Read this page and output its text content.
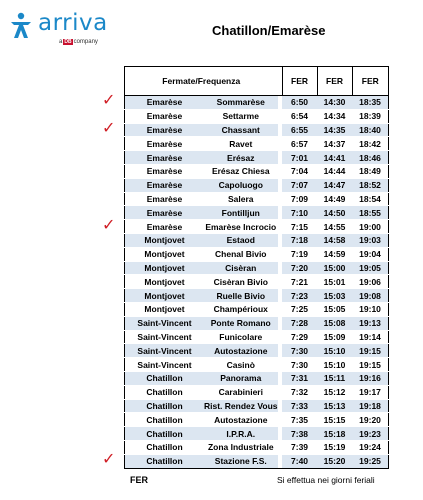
arriva
a DB company
Chatillon/Emarèse
✓
✓
✓
✓
Fermate/Frequenza			FER	FER	FER
Emarèse	Sommarèse		6:50	14:30	18:35
Emarèse	Settarme		6:54	14:34	18:39
Emarèse	Chassant		6:55	14:35	18:40
Emarèse	Ravet		6:57	14:37	18:42
Emarèse	Erésaz		7:01	14:41	18:46
Emarèse	Erésaz Chiesa		7:04	14:44	18:49
Emarèse	Capoluogo		7:07	14:47	18:52
Emarèse	Salera		7:09	14:49	18:54
Emarèse	Fontilljun		7:10	14:50	18:55
Emarèse	Emarèse Incrocio		7:15	14:55	19:00
Montjovet	Estaod		7:18	14:58	19:03
Montjovet	Chenal Bivio		7:19	14:59	19:04
Montjovet	Cisèran		7:20	15:00	19:05
Montjovet	Cisèran Bivio		7:21	15:01	19:06
Montjovet	Ruelle Bivio		7:23	15:03	19:08
Montjovet	Champérioux		7:25	15:05	19:10
Saint-Vincent	Ponte Romano		7:28	15:08	19:13
Saint-Vincent	Funicolare		7:29	15:09	19:14
Saint-Vincent	Autostazione		7:30	15:10	19:15
Saint-Vincent	Casinò		7:30	15:10	19:15
Chatillon	Panorama		7:31	15:11	19:16
Chatillon	Carabinieri		7:32	15:12	19:17
Chatillon	Rist. Rendez Vous		7:33	15:13	19:18
Chatillon	Autostazione		7:35	15:15	19:20
Chatillon	I.P.R.A.		7:38	15:18	19:23
Chatillon	Zona Industriale		7:39	15:19	19:24
Chatillon	Stazione F.S.		7:40	15:20	19:25
FER	Si effettua nei giorni feriali
